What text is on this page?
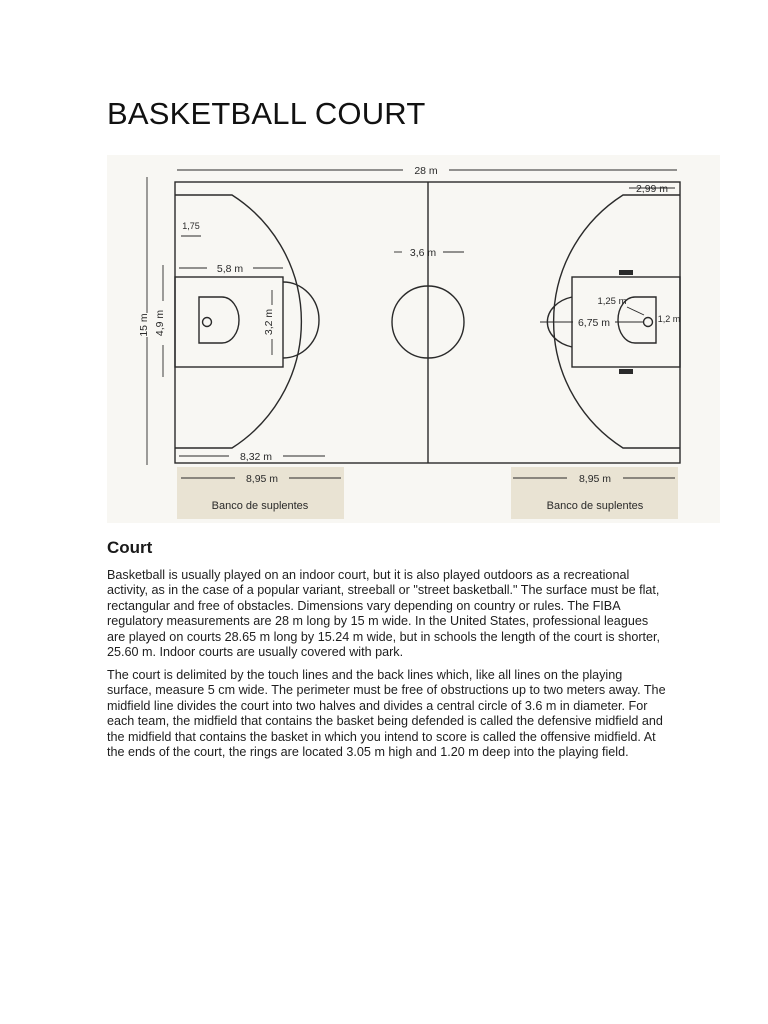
BASKETBALL COURT
28 m
2,99 m
15 m 4,9 m
1,75
5,8 m
3,2 m
3,6 m
1,25 m
6,75 m	1,2 m
8,32 m
8,95 m	8,95 m
Banco de suplentes	Banco de suplentes
Court

Basketball is usually played on an indoor court, but it is also played outdoors as a recreational activity, as in the case of a popular variant, streeball or "street basketball." The surface must be flat, rectangular and free of obstacles. Dimensions vary depending on country or rules. The FIBA regulatory measurements are 28 m long by 15 m wide. In the United States, professional leagues are played on courts 28.65 m long by 15.24 m wide, but in schools the length of the court is shorter, 25.60 m. Indoor courts are usually covered with park.

The court is delimited by the touch lines and the back lines which, like all lines on the playing surface, measure 5 cm wide. The perimeter must be free of obstructions up to two meters away. The midfield line divides the court into two halves and divides a central circle of 3.6 m in diameter. For each team, the midfield that contains the basket being defended is called the defensive midfield and the midfield that contains the basket in which you intend to score is called the offensive midfield. At the ends of the court, the rings are located 3.05 m high and 1.20 m deep into the playing field.
